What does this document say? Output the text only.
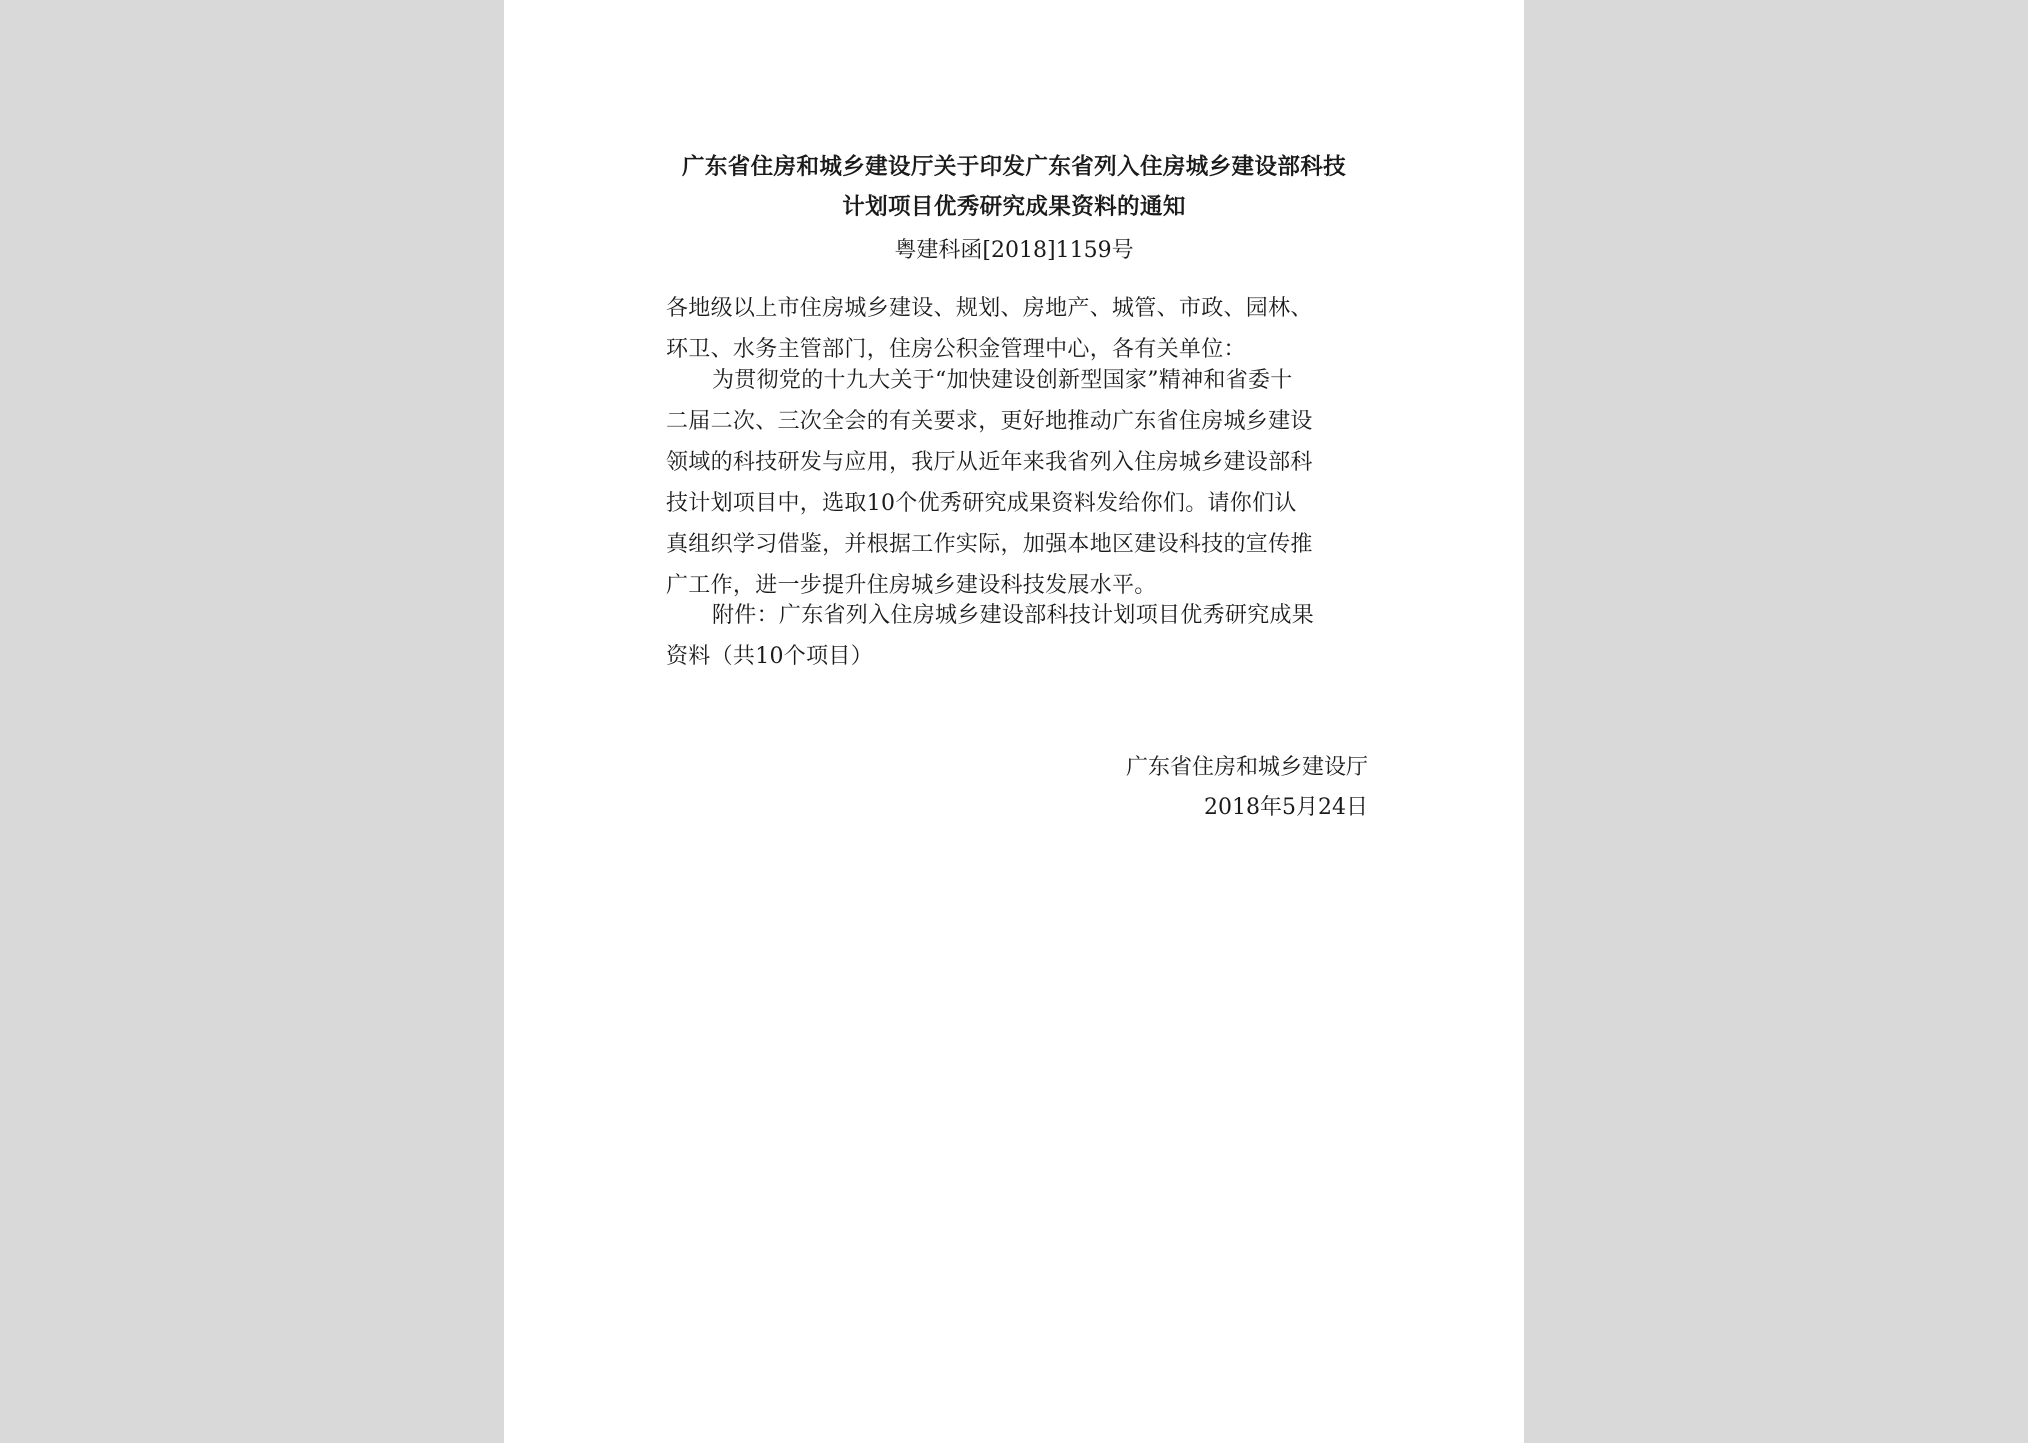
广东省住房和城乡建设厅关于印发广东省列入住房城乡建设部科技
计划项目优秀研究成果资料的通知
粤建科函[2018]1159号
各地级以上市住房城乡建设、规划、房地产、城管、市政、园林、
环卫、水务主管部门，住房公积金管理中心，各有关单位：
为贯彻党的十九大关于“加快建设创新型国家”精神和省委十
二届二次、三次全会的有关要求，更好地推动广东省住房城乡建设
领域的科技研发与应用，我厅从近年来我省列入住房城乡建设部科
技计划项目中，选取10个优秀研究成果资料发给你们。请你们认
真组织学习借鉴，并根据工作实际，加强本地区建设科技的宣传推
广工作，进一步提升住房城乡建设科技发展水平。
附件：广东省列入住房城乡建设部科技计划项目优秀研究成果
资料（共10个项目）
广东省住房和城乡建设厅
2018年5月24日
